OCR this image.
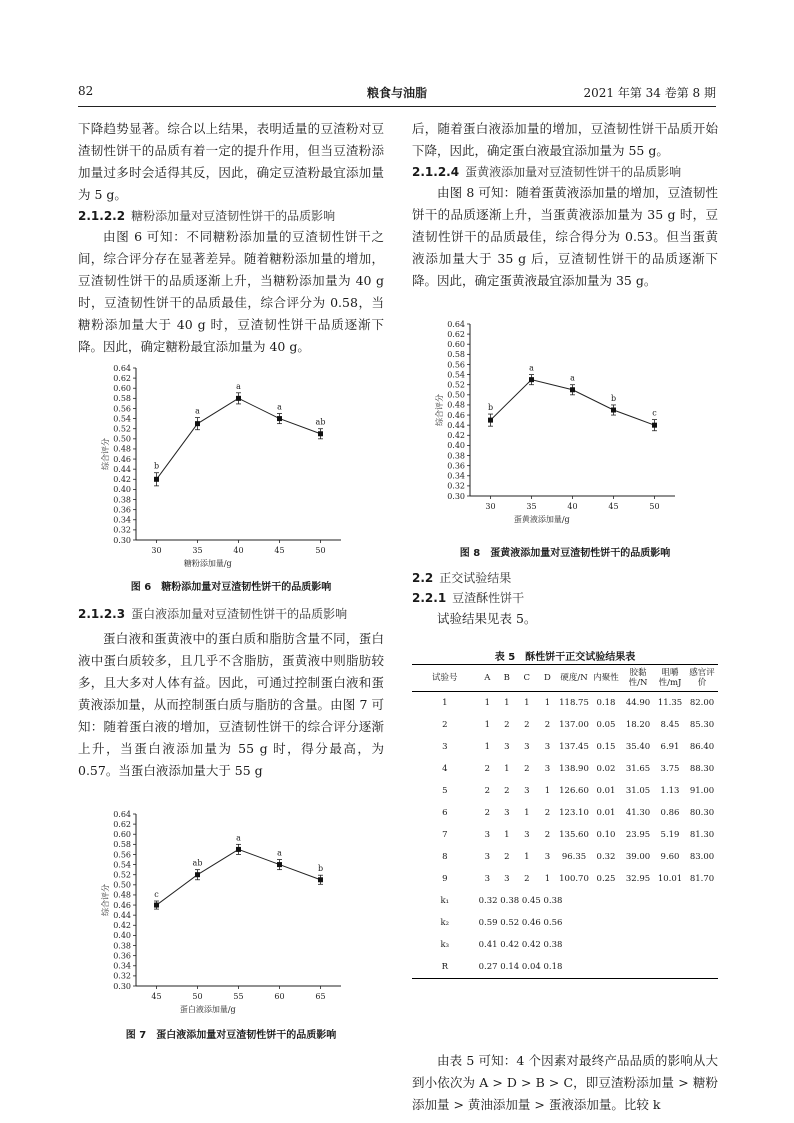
82	粮食与油脂	2021 年第 34 卷第 8 期

下降趋势显著。综合以上结果，表明适量的豆渣粉对豆渣韧性饼干的品质有着一定的提升作用，但当豆渣粉添加量过多时会适得其反，因此，确定豆渣粉最宜添加量为 5 g。

2.1.2.2 糖粉添加量对豆渣韧性饼干的品质影响

由图 6 可知：不同糖粉添加量的豆渣韧性饼干之间，综合评分存在显著差异。随着糖粉添加量的增加，豆渣韧性饼干的品质逐渐上升，当糖粉添加量为 40 g 时，豆渣韧性饼干的品质最佳，综合评分为 0.58，当糖粉添加量大于 40 g 时，豆渣韧性饼干品质逐渐下降。因此，确定糖粉最宜添加量为 40 g。

0.30
0.32
0.34
0.36
0.38
0.40
0.42
0.44
0.46
0.48
0.50
0.52
0.54
0.56
0.58
0.60
0.62
0.64
30	35	40	45	50
糖粉添加量/g
综合评分	b
a
a
a
ab
图 6　糖粉添加量对豆渣韧性饼干的品质影响
2.1.2.3 蛋白液添加量对豆渣韧性饼干的品质影响

蛋白液和蛋黄液中的蛋白质和脂肪含量不同，蛋白液中蛋白质较多，且几乎不含脂肪，蛋黄液中则脂肪较多，且大多对人体有益。因此，可通过控制蛋白液和蛋黄液添加量，从而控制蛋白质与脂肪的含量。由图 7 可知：随着蛋白液的增加，豆渣韧性饼干的综合评分逐渐上升，当蛋白液添加量为 55 g 时，得分最高，为 0.57。当蛋白液添加量大于 55 g

0.30
0.32
0.34
0.36
0.38
0.40
0.42
0.44
0.46
0.48
0.50
0.52
0.54
0.56
0.58
0.60
0.62
0.64
45	50	55	60	65
蛋白液添加量/g
综合评分	c
ab
a
a
b
图 7　蛋白液添加量对豆渣韧性饼干的品质影响

后，随着蛋白液添加量的增加，豆渣韧性饼干品质开始下降，因此，确定蛋白液最宜添加量为 55 g。

2.1.2.4 蛋黄液添加量对豆渣韧性饼干的品质影响

由图 8 可知：随着蛋黄液添加量的增加，豆渣韧性饼干的品质逐渐上升，当蛋黄液添加量为 35 g 时，豆渣韧性饼干的品质最佳，综合得分为 0.53。但当蛋黄液添加量大于 35 g 后，豆渣韧性饼干的品质逐渐下降。因此，确定蛋黄液最宜添加量为 35 g。

0.30
0.32
0.34
0.36
0.38
0.40
0.42
0.44
0.46
0.48
0.50
0.52
0.54
0.56
0.58
0.60
0.62
0.64
30	35	40	45	50
蛋黄液添加量/g
综合评分	b
a
a
b
c
图 8　蛋黄液添加量对豆渣韧性饼干的品质影响
2.2 正交试验结果
2.2.1 豆渣酥性饼干

试验结果见表 5。

表 5　酥性饼干正交试验结果表
试验号	A	B	C	D	硬度/N	内聚性	胶黏性/N	咀嚼性/mJ	感官评价
1	1	1	1	1	118.75	0.18	44.90	11.35	82.00
2	1	2	2	2	137.00	0.05	18.20	8.45	85.30
3	1	3	3	3	137.45	0.15	35.40	6.91	86.40
4	2	1	2	3	138.90	0.02	31.65	3.75	88.30
5	2	2	3	1	126.60	0.01	31.05	1.13	91.00
6	2	3	1	2	123.10	0.01	41.30	0.86	80.30
7	3	1	3	2	135.60	0.10	23.95	5.19	81.30
8	3	2	1	3	96.35	0.32	39.00	9.60	83.00
9	3	3	2	1	100.70	0.25	32.95	10.01	81.70
k₁	0.32 0.38 0.45 0.38								
k₂	0.59 0.52 0.46 0.56								
k₃	0.41 0.42 0.42 0.38								
R	0.27 0.14 0.04 0.18								

由表 5 可知：4 个因素对最终产品品质的影响从大到小依次为 A > D > B > C，即豆渣粉添加量 > 糖粉添加量 > 黄油添加量 > 蛋液添加量。比较 k
